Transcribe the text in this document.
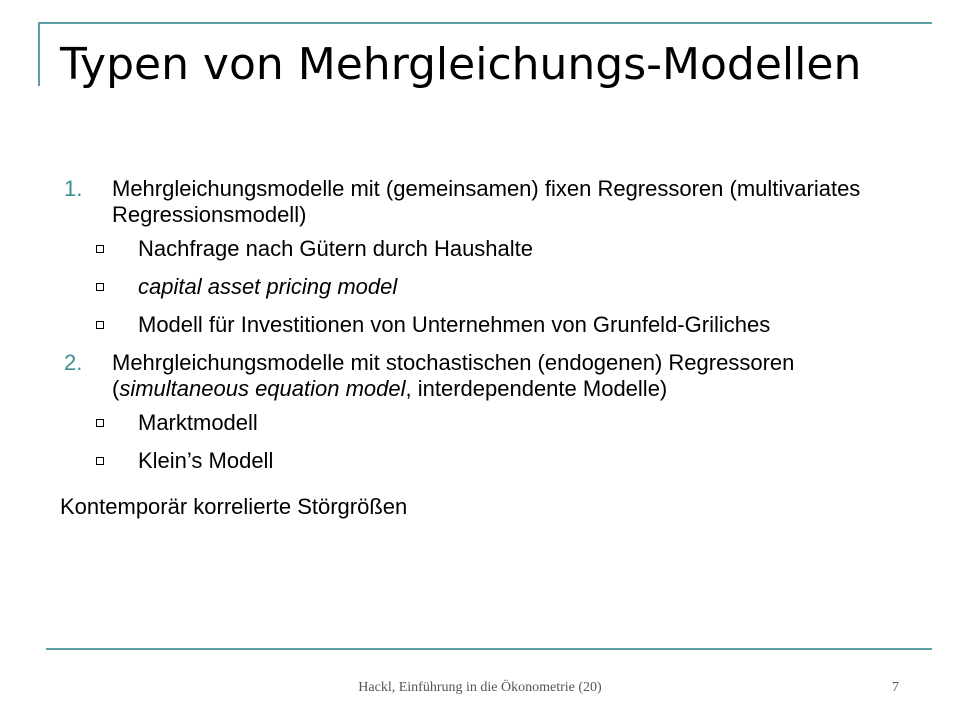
Typen von Mehrgleichungs-Modellen
1. Mehrgleichungsmodelle mit (gemeinsamen) fixen Regressoren (multivariates Regressionsmodell)
Nachfrage nach Gütern durch Haushalte
capital asset pricing model
Modell für Investitionen von Unternehmen von Grunfeld-Griliches
2. Mehrgleichungsmodelle mit stochastischen (endogenen) Regressoren (simultaneous equation model, interdependente Modelle)
Marktmodell
Klein’s Modell

Kontemporär korrelierte Störgrößen

Hackl, Einführung in die Ökonometrie (20)	7
